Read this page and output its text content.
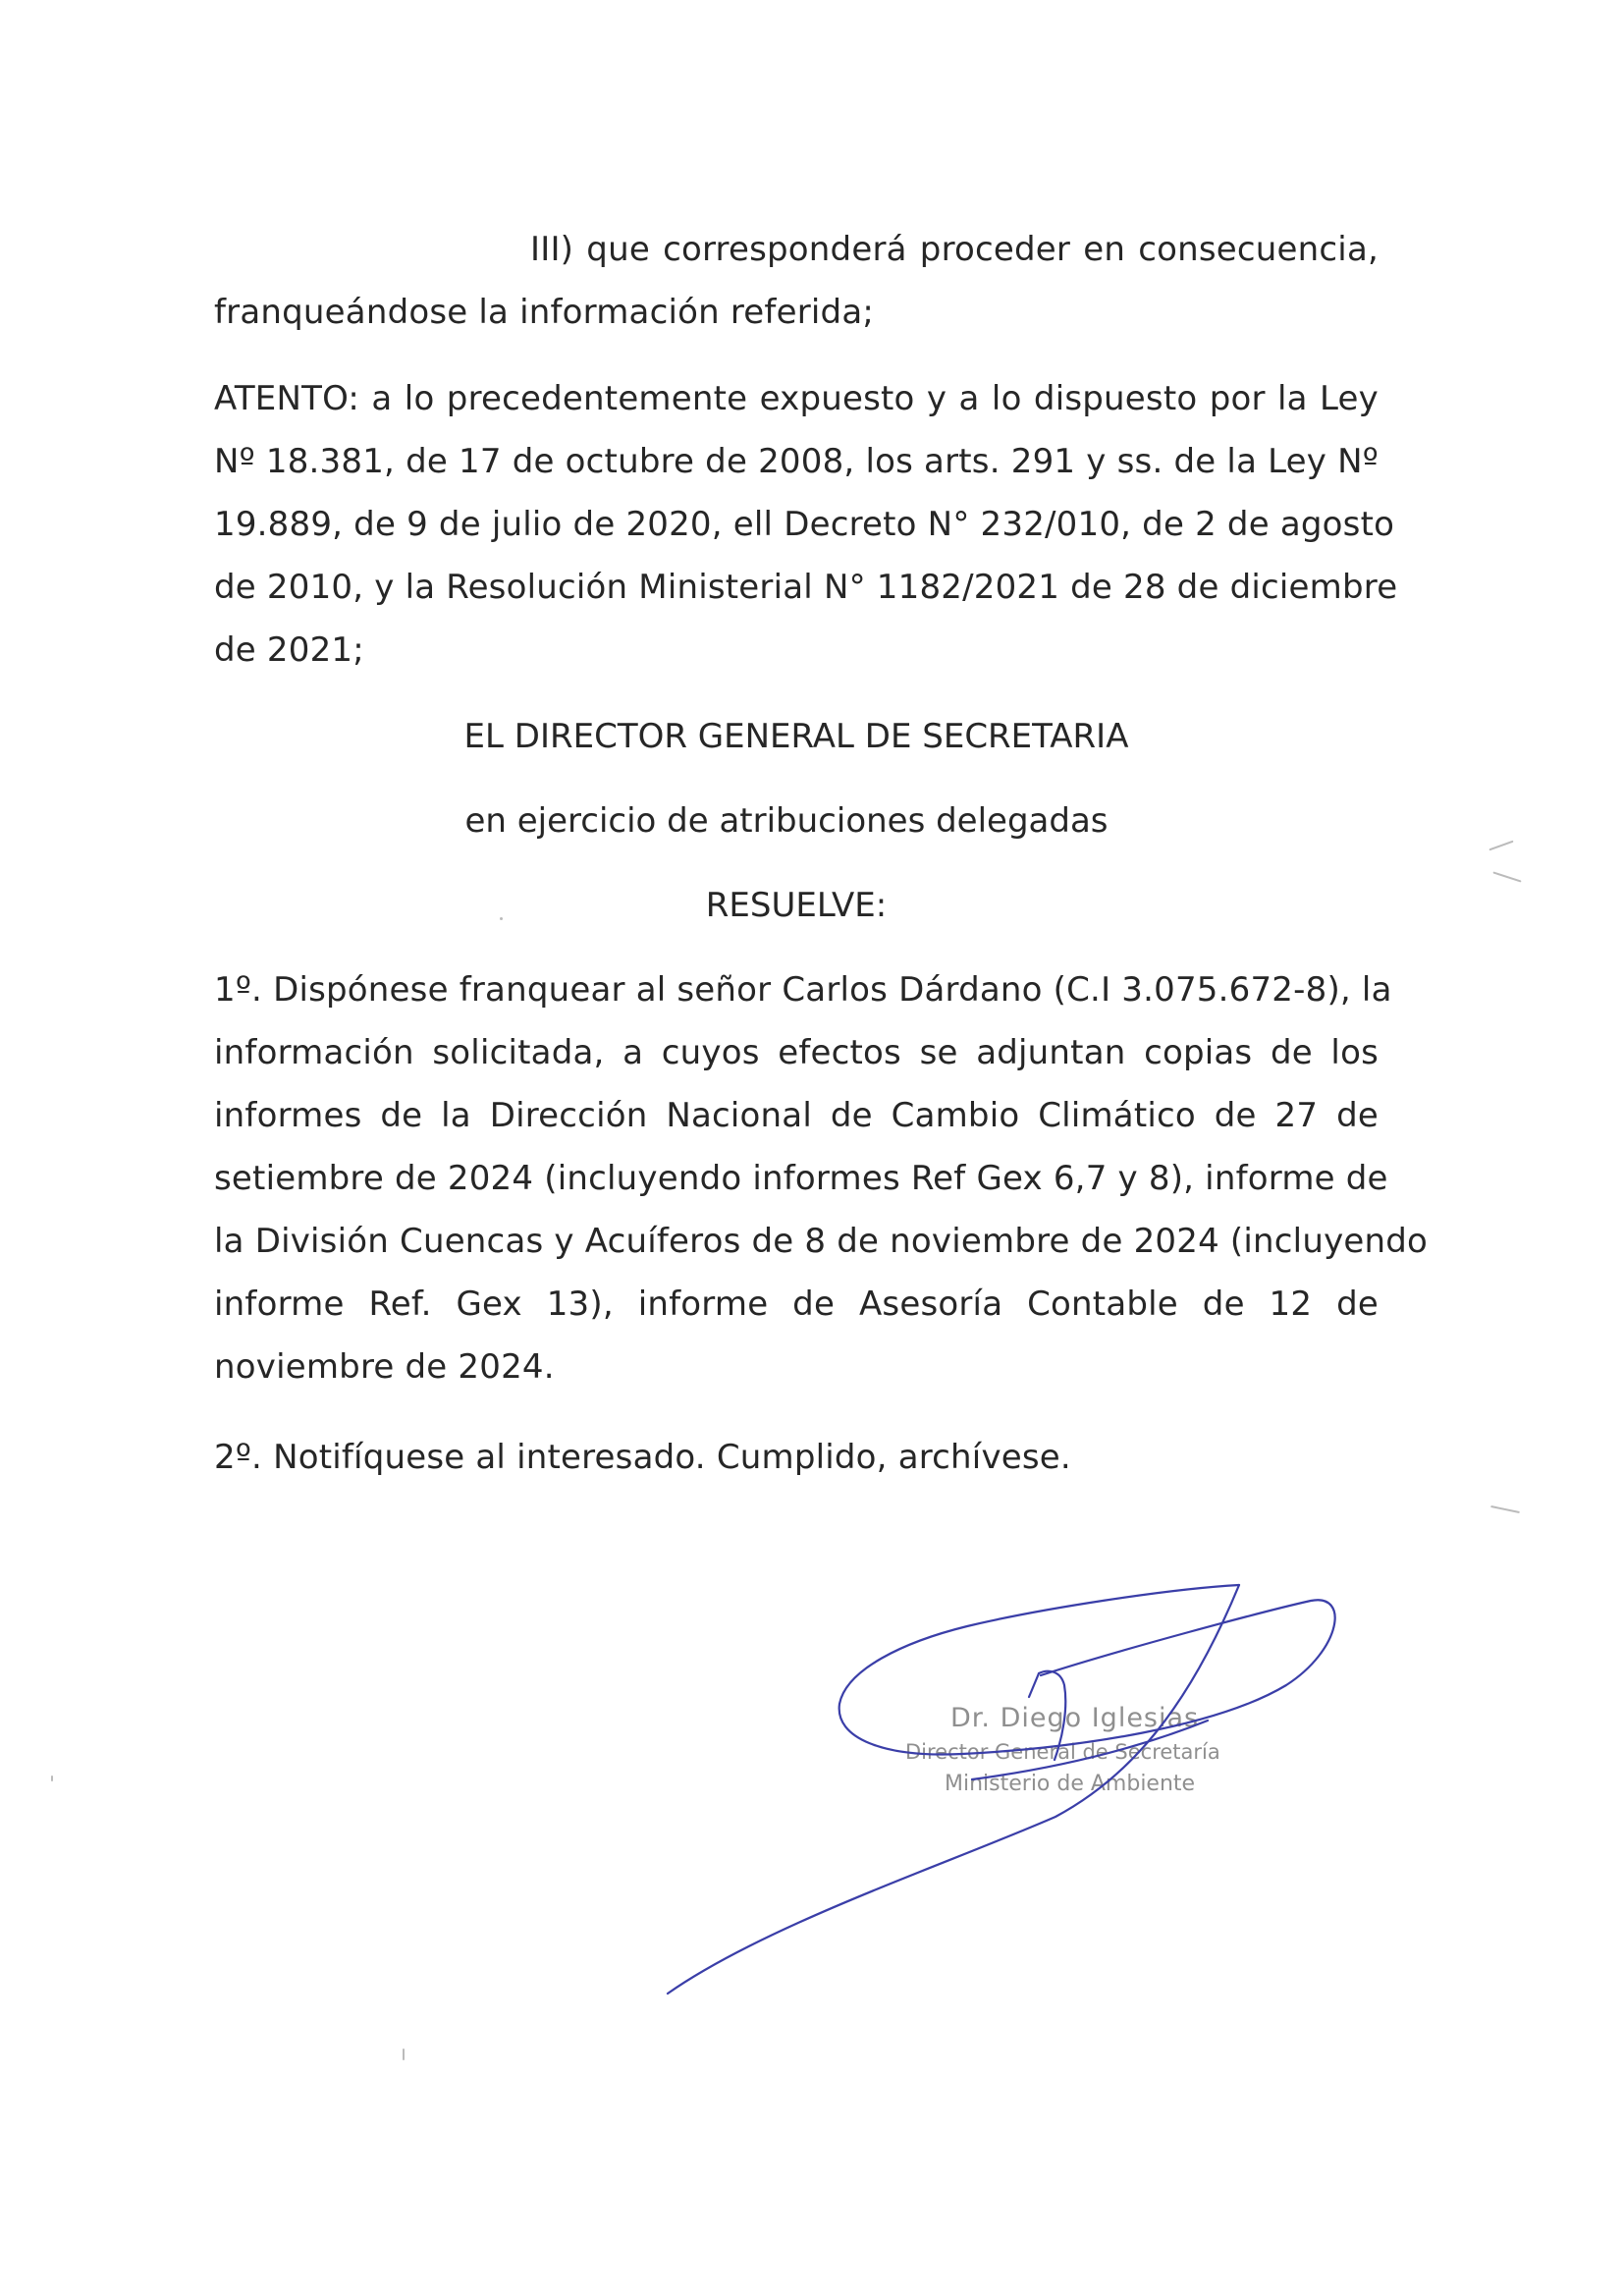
III) que corresponderá proceder en consecuencia,
franqueándose la información referida;
ATENTO: a lo precedentemente expuesto y a lo dispuesto por la Ley
Nº 18.381, de 17 de octubre de 2008, los arts. 291 y ss. de la Ley Nº
19.889, de 9 de julio de 2020, ell Decreto N° 232/010, de 2 de agosto
de 2010, y la Resolución Ministerial N° 1182/2021 de 28 de diciembre
de 2021;
EL DIRECTOR GENERAL DE SECRETARIA
en ejercicio de atribuciones delegadas
RESUELVE:
1º. Dispónese franquear al señor Carlos Dárdano (C.I 3.075.672-8), la
información solicitada, a cuyos efectos se adjuntan copias de los
informes de la Dirección Nacional de Cambio Climático de 27 de
setiembre de 2024 (incluyendo informes Ref Gex 6,7 y 8), informe de
la División Cuencas y Acuíferos de 8 de noviembre de 2024 (incluyendo
informe Ref. Gex 13), informe de Asesoría Contable de 12 de
noviembre de 2024.
2º. Notifíquese al interesado. Cumplido, archívese.
Dr. Diego Iglesias
Director General de Secretaría
Ministerio de Ambiente
